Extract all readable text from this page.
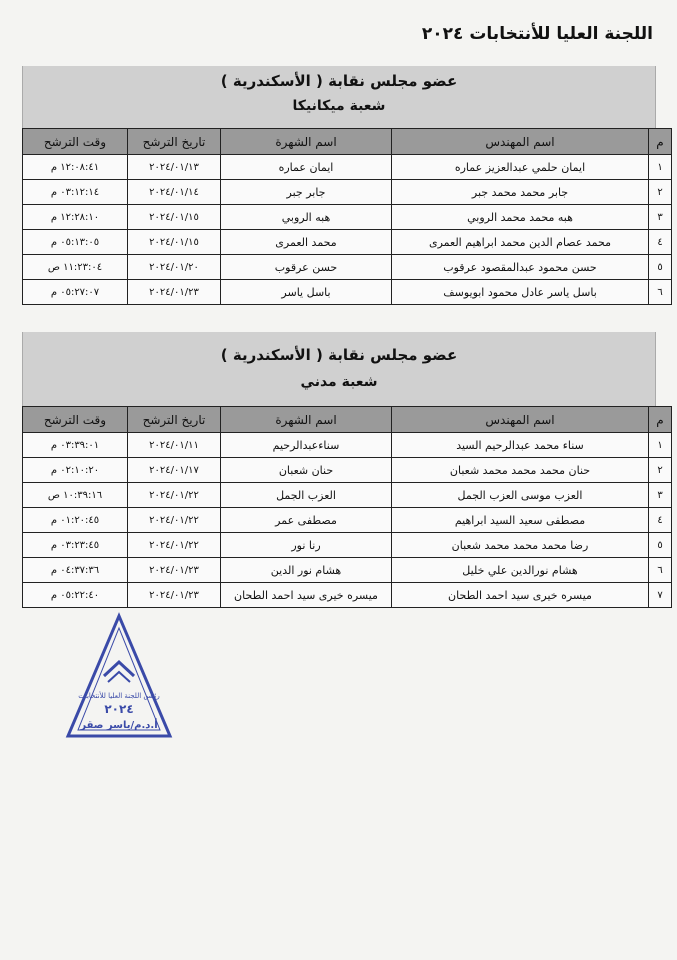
اللجنة العليا للأنتخابات ٢٠٢٤
عضو مجلس نقابة ( الأسكندرية )
شعبة ميكانيكا
م	اسم المهندس	اسم الشهرة	تاريخ الترشح	وقت الترشح
١	ايمان حلمي عبدالعزيز عماره	ايمان عماره	٢٠٢٤/٠١/١٣	١٢:٠٨:٤١ م
٢	جابر محمد محمد جبر	جابر جبر	٢٠٢٤/٠١/١٤	٠٣:١٢:١٤ م
٣	هبه محمد محمد الروبي	هبه الروبي	٢٠٢٤/٠١/١٥	١٢:٢٨:١٠ م
٤	محمد عصام الدين محمد ابراهيم العمرى	محمد العمرى	٢٠٢٤/٠١/١٥	٠٥:١٣:٠٥ م
٥	حسن محمود عبدالمقصود عرقوب	حسن عرقوب	٢٠٢٤/٠١/٢٠	١١:٢٣:٠٤ ص
٦	باسل ياسر عادل محمود ابويوسف	باسل ياسر	٢٠٢٤/٠١/٢٣	٠٥:٢٧:٠٧ م
عضو مجلس نقابة ( الأسكندرية )
شعبة مدني
م	اسم المهندس	اسم الشهرة	تاريخ الترشح	وقت الترشح
١	سناء محمد عبدالرحيم السيد	سناءعبدالرحيم	٢٠٢٤/٠١/١١	٠٣:٣٩:٠١ م
٢	حنان محمد محمد محمد شعبان	حنان شعبان	٢٠٢٤/٠١/١٧	٠٢:١٠:٢٠ م
٣	العزب موسى العزب الجمل	العزب الجمل	٢٠٢٤/٠١/٢٢	١٠:٣٩:١٦ ص
٤	مصطفى سعيد السيد ابراهيم	مصطفى عمر	٢٠٢٤/٠١/٢٢	٠١:٢٠:٤٥ م
٥	رضا محمد محمد محمد شعبان	رنا نور	٢٠٢٤/٠١/٢٢	٠٣:٢٣:٤٥ م
٦	هشام نورالدين علي خليل	هشام نور الدين	٢٠٢٤/٠١/٢٣	٠٤:٣٧:٣٦ م
٧	ميسره خيرى سيد احمد الطحان	ميسره خيرى سيد احمد الطحان	٢٠٢٤/٠١/٢٣	٠٥:٢٢:٤٠ م
رئيس اللجنة العليا للأنتخابات
٢٠٢٤
أ.د.م/ياسر صقر
